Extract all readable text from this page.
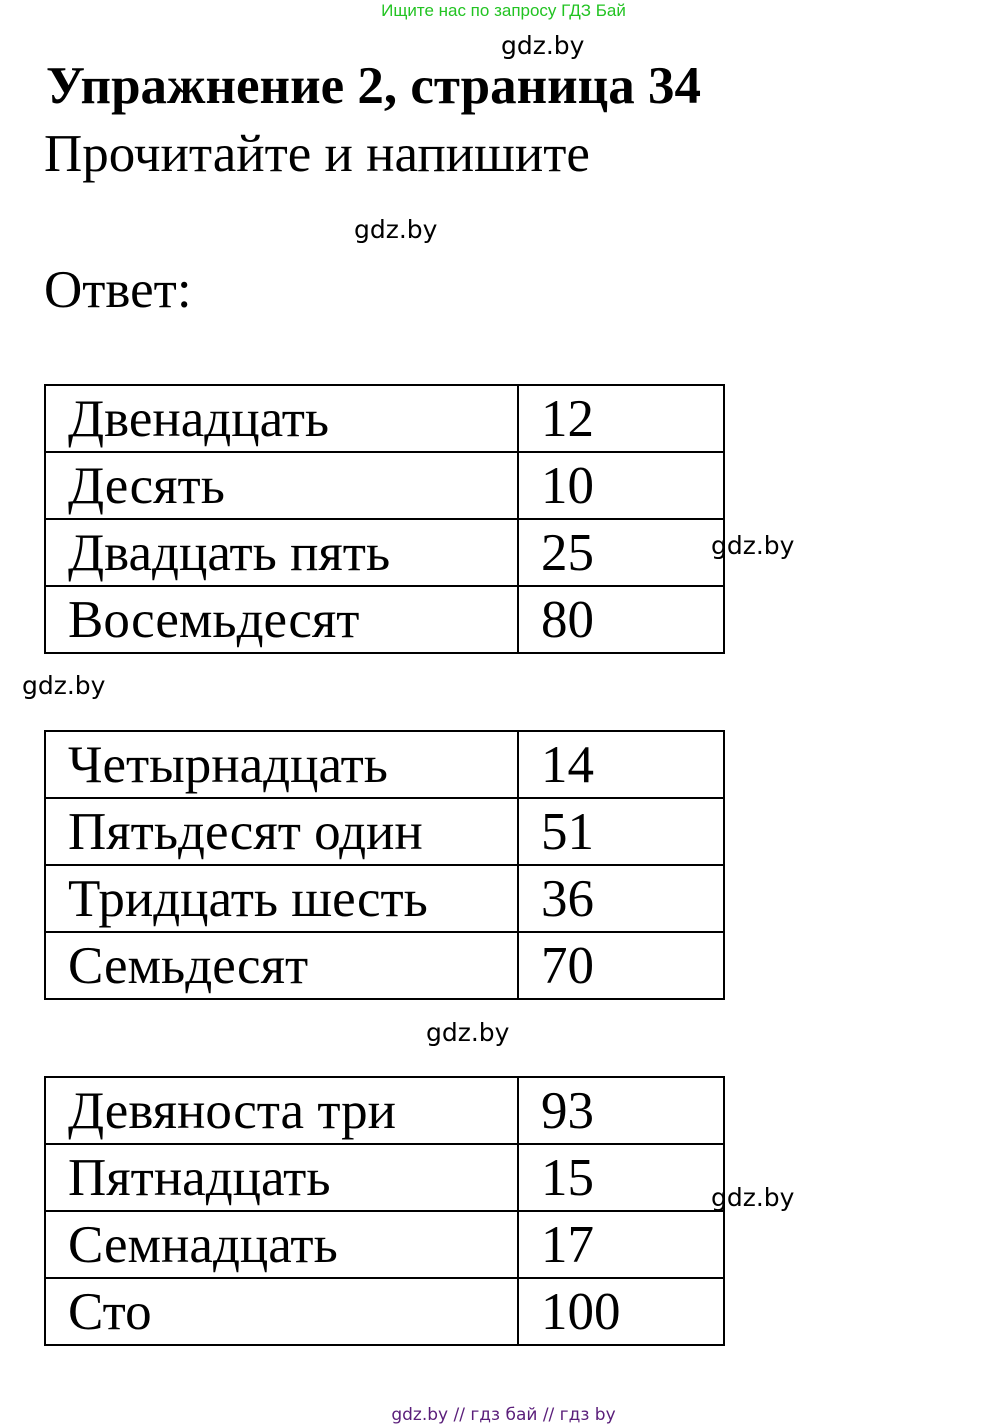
Ищите нас по запросу ГДЗ Бай
gdz.by
Упражнение 2, страница 34
Прочитайте и напишите
gdz.by
Ответ:
Двенадцать	12
Десять	10
Двадцать пять	25
Восемьдесят	80
gdz.by
gdz.by
Четырнадцать	14
Пятьдесят один	51
Тридцать шесть	36
Семьдесят	70
gdz.by
Девяноста три	93
Пятнадцать	15
Семнадцать	17
Сто	100
gdz.by
gdz.by // гдз бай // гдз by
